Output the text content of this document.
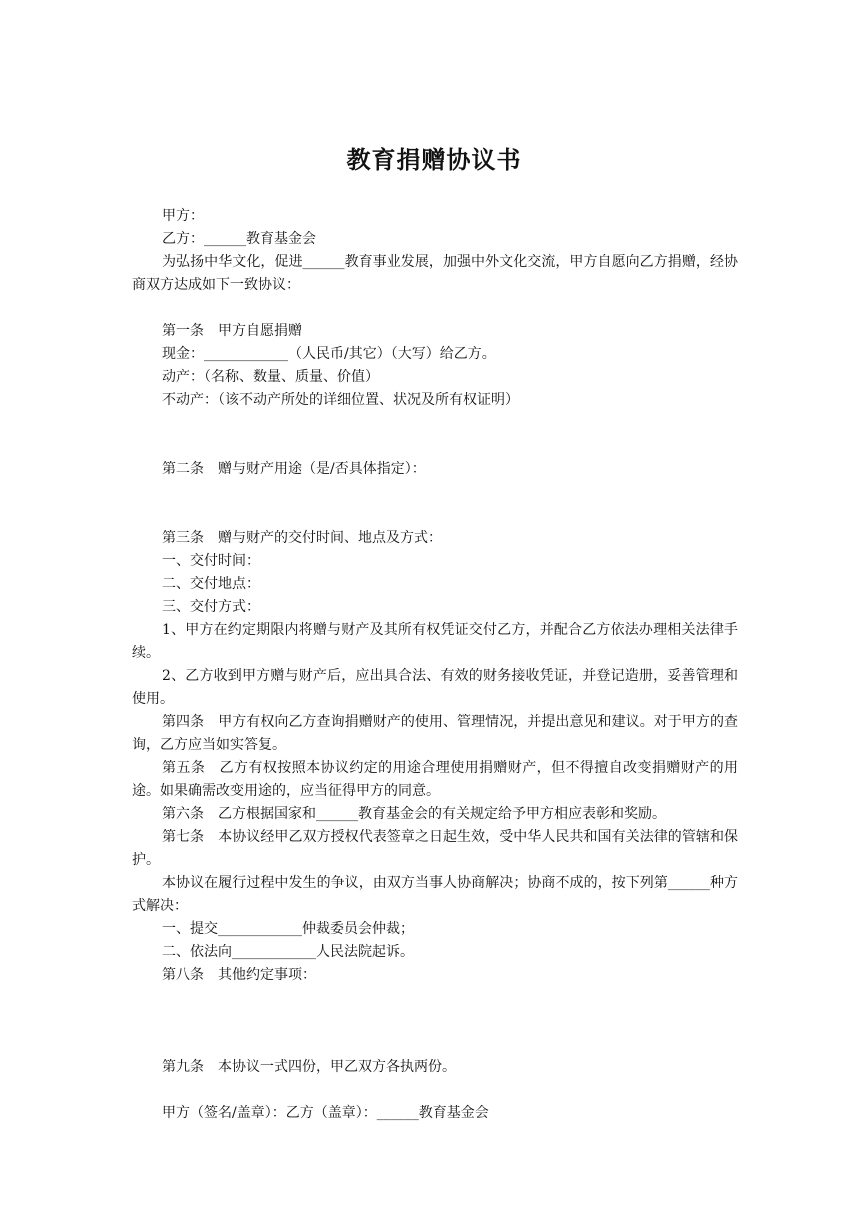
教育捐赠协议书

甲方：

乙方：______教育基金会

为弘扬中华文化，促进______教育事业发展，加强中外文化交流，甲方自愿向乙方捐赠，经协商双方达成如下一致协议：

第一条　甲方自愿捐赠

现金：____________（人民币/其它）（大写）给乙方。

动产：（名称、数量、质量、价值）

不动产：（该不动产所处的详细位置、状况及所有权证明）

第二条　赠与财产用途（是/否具体指定）：

第三条　赠与财产的交付时间、地点及方式：

一、交付时间：

二、交付地点：

三、交付方式：

1、甲方在约定期限内将赠与财产及其所有权凭证交付乙方，并配合乙方依法办理相关法律手续。

2、乙方收到甲方赠与财产后，应出具合法、有效的财务接收凭证，并登记造册，妥善管理和使用。

第四条　甲方有权向乙方查询捐赠财产的使用、管理情况，并提出意见和建议。对于甲方的查询，乙方应当如实答复。

第五条　乙方有权按照本协议约定的用途合理使用捐赠财产，但不得擅自改变捐赠财产的用途。如果确需改变用途的，应当征得甲方的同意。

第六条　乙方根据国家和______教育基金会的有关规定给予甲方相应表彰和奖励。

第七条　本协议经甲乙双方授权代表签章之日起生效，受中华人民共和国有关法律的管辖和保护。

本协议在履行过程中发生的争议，由双方当事人协商解决；协商不成的，按下列第______种方式解决：

一、提交____________仲裁委员会仲裁；

二、依法向____________人民法院起诉。

第八条　其他约定事项：

第九条　本协议一式四份，甲乙双方各执两份。

甲方（签名/盖章）：乙方（盖章）：______教育基金会
